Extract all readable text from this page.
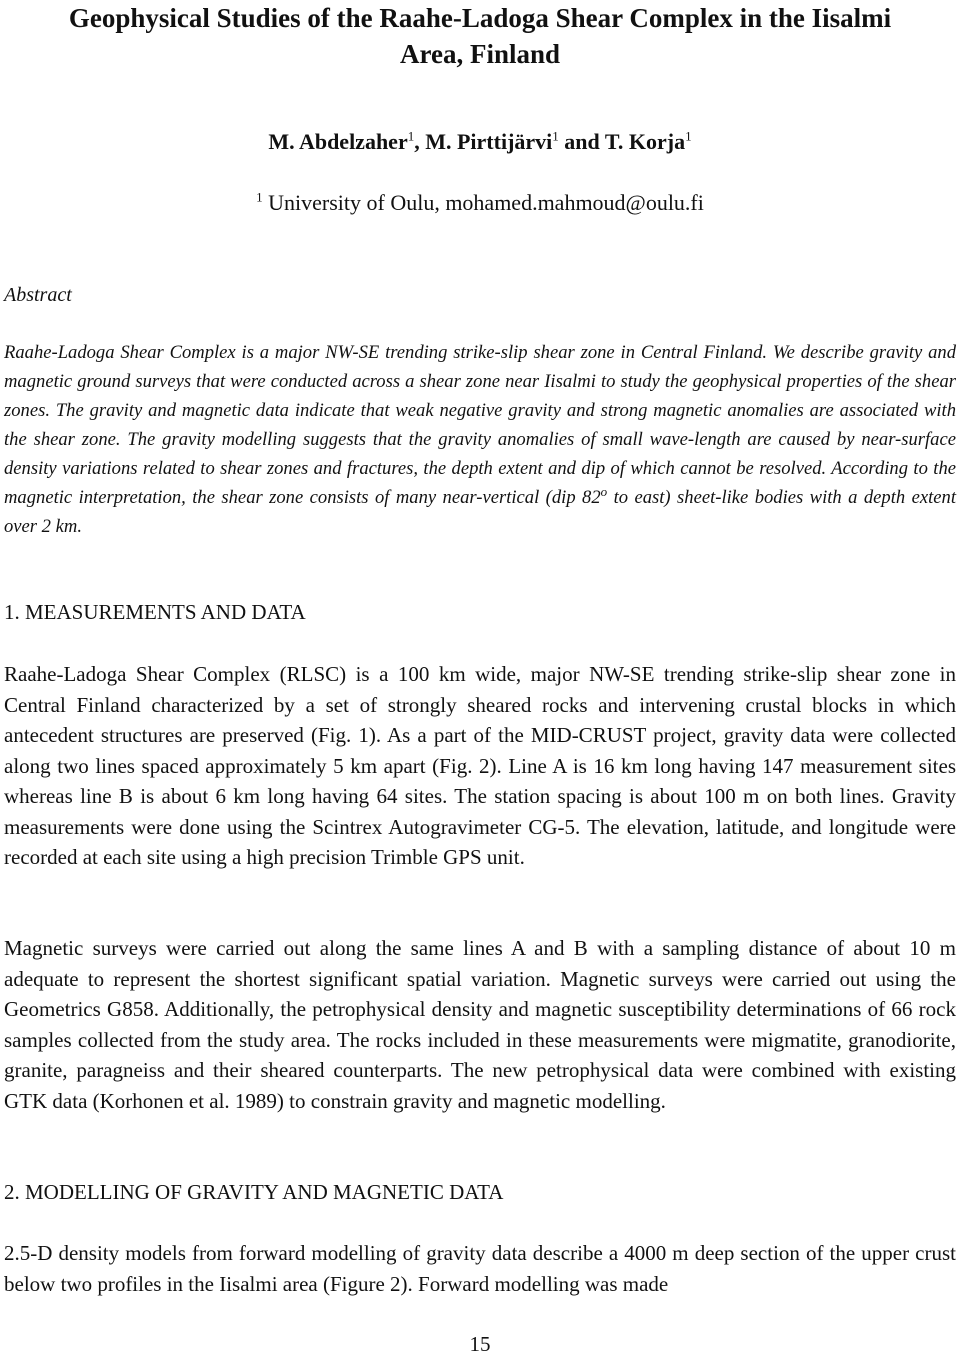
Geophysical Studies of the Raahe-Ladoga Shear Complex in the Iisalmi
Area, Finland
M. Abdelzaher$^1$, M. Pirttijärvi$^1$ and T. Korja$^1$
$^1$ University of Oulu, mohamed.mahmoud@oulu.fi
Abstract

Raahe-Ladoga Shear Complex is a major NW-SE trending strike-slip shear zone in Central Finland. We describe gravity and magnetic ground surveys that were conducted across a shear zone near Iisalmi to study the geophysical properties of the shear zones. The gravity and magnetic data indicate that weak negative gravity and strong magnetic anomalies are associated with the shear zone. The gravity modelling suggests that the gravity anomalies of small wave-length are caused by near-surface density variations related to shear zones and fractures, the depth extent and dip of which cannot be resolved. According to the magnetic interpretation, the shear zone consists of many near-vertical (dip 82$^o$ to east) sheet-like bodies with a depth extent over 2 km.

1. MEASUREMENTS AND DATA

Raahe-Ladoga Shear Complex (RLSC) is a 100 km wide, major NW-SE trending strike-slip shear zone in Central Finland characterized by a set of strongly sheared rocks and intervening crustal blocks in which antecedent structures are preserved (Fig. 1). As a part of the MID-CRUST project, gravity data were collected along two lines spaced approximately 5 km apart (Fig. 2). Line A is 16 km long having 147 measurement sites whereas line B is about 6 km long having 64 sites. The station spacing is about 100 m on both lines. Gravity measurements were done using the Scintrex Autogravimeter CG-5. The elevation, latitude, and longitude were recorded at each site using a high precision Trimble GPS unit.

Magnetic surveys were carried out along the same lines A and B with a sampling distance of about 10 m adequate to represent the shortest significant spatial variation. Magnetic surveys were carried out using the Geometrics G858. Additionally, the petrophysical density and magnetic susceptibility determinations of 66 rock samples collected from the study area. The rocks included in these measurements were migmatite, granodiorite, granite, paragneiss and their sheared counterparts. The new petrophysical data were combined with existing GTK data (Korhonen et al. 1989) to constrain gravity and magnetic modelling.

2. MODELLING OF GRAVITY AND MAGNETIC DATA

2.5-D density models from forward modelling of gravity data describe a 4000 m deep section of the upper crust below two profiles in the Iisalmi area (Figure 2). Forward modelling was made

15
